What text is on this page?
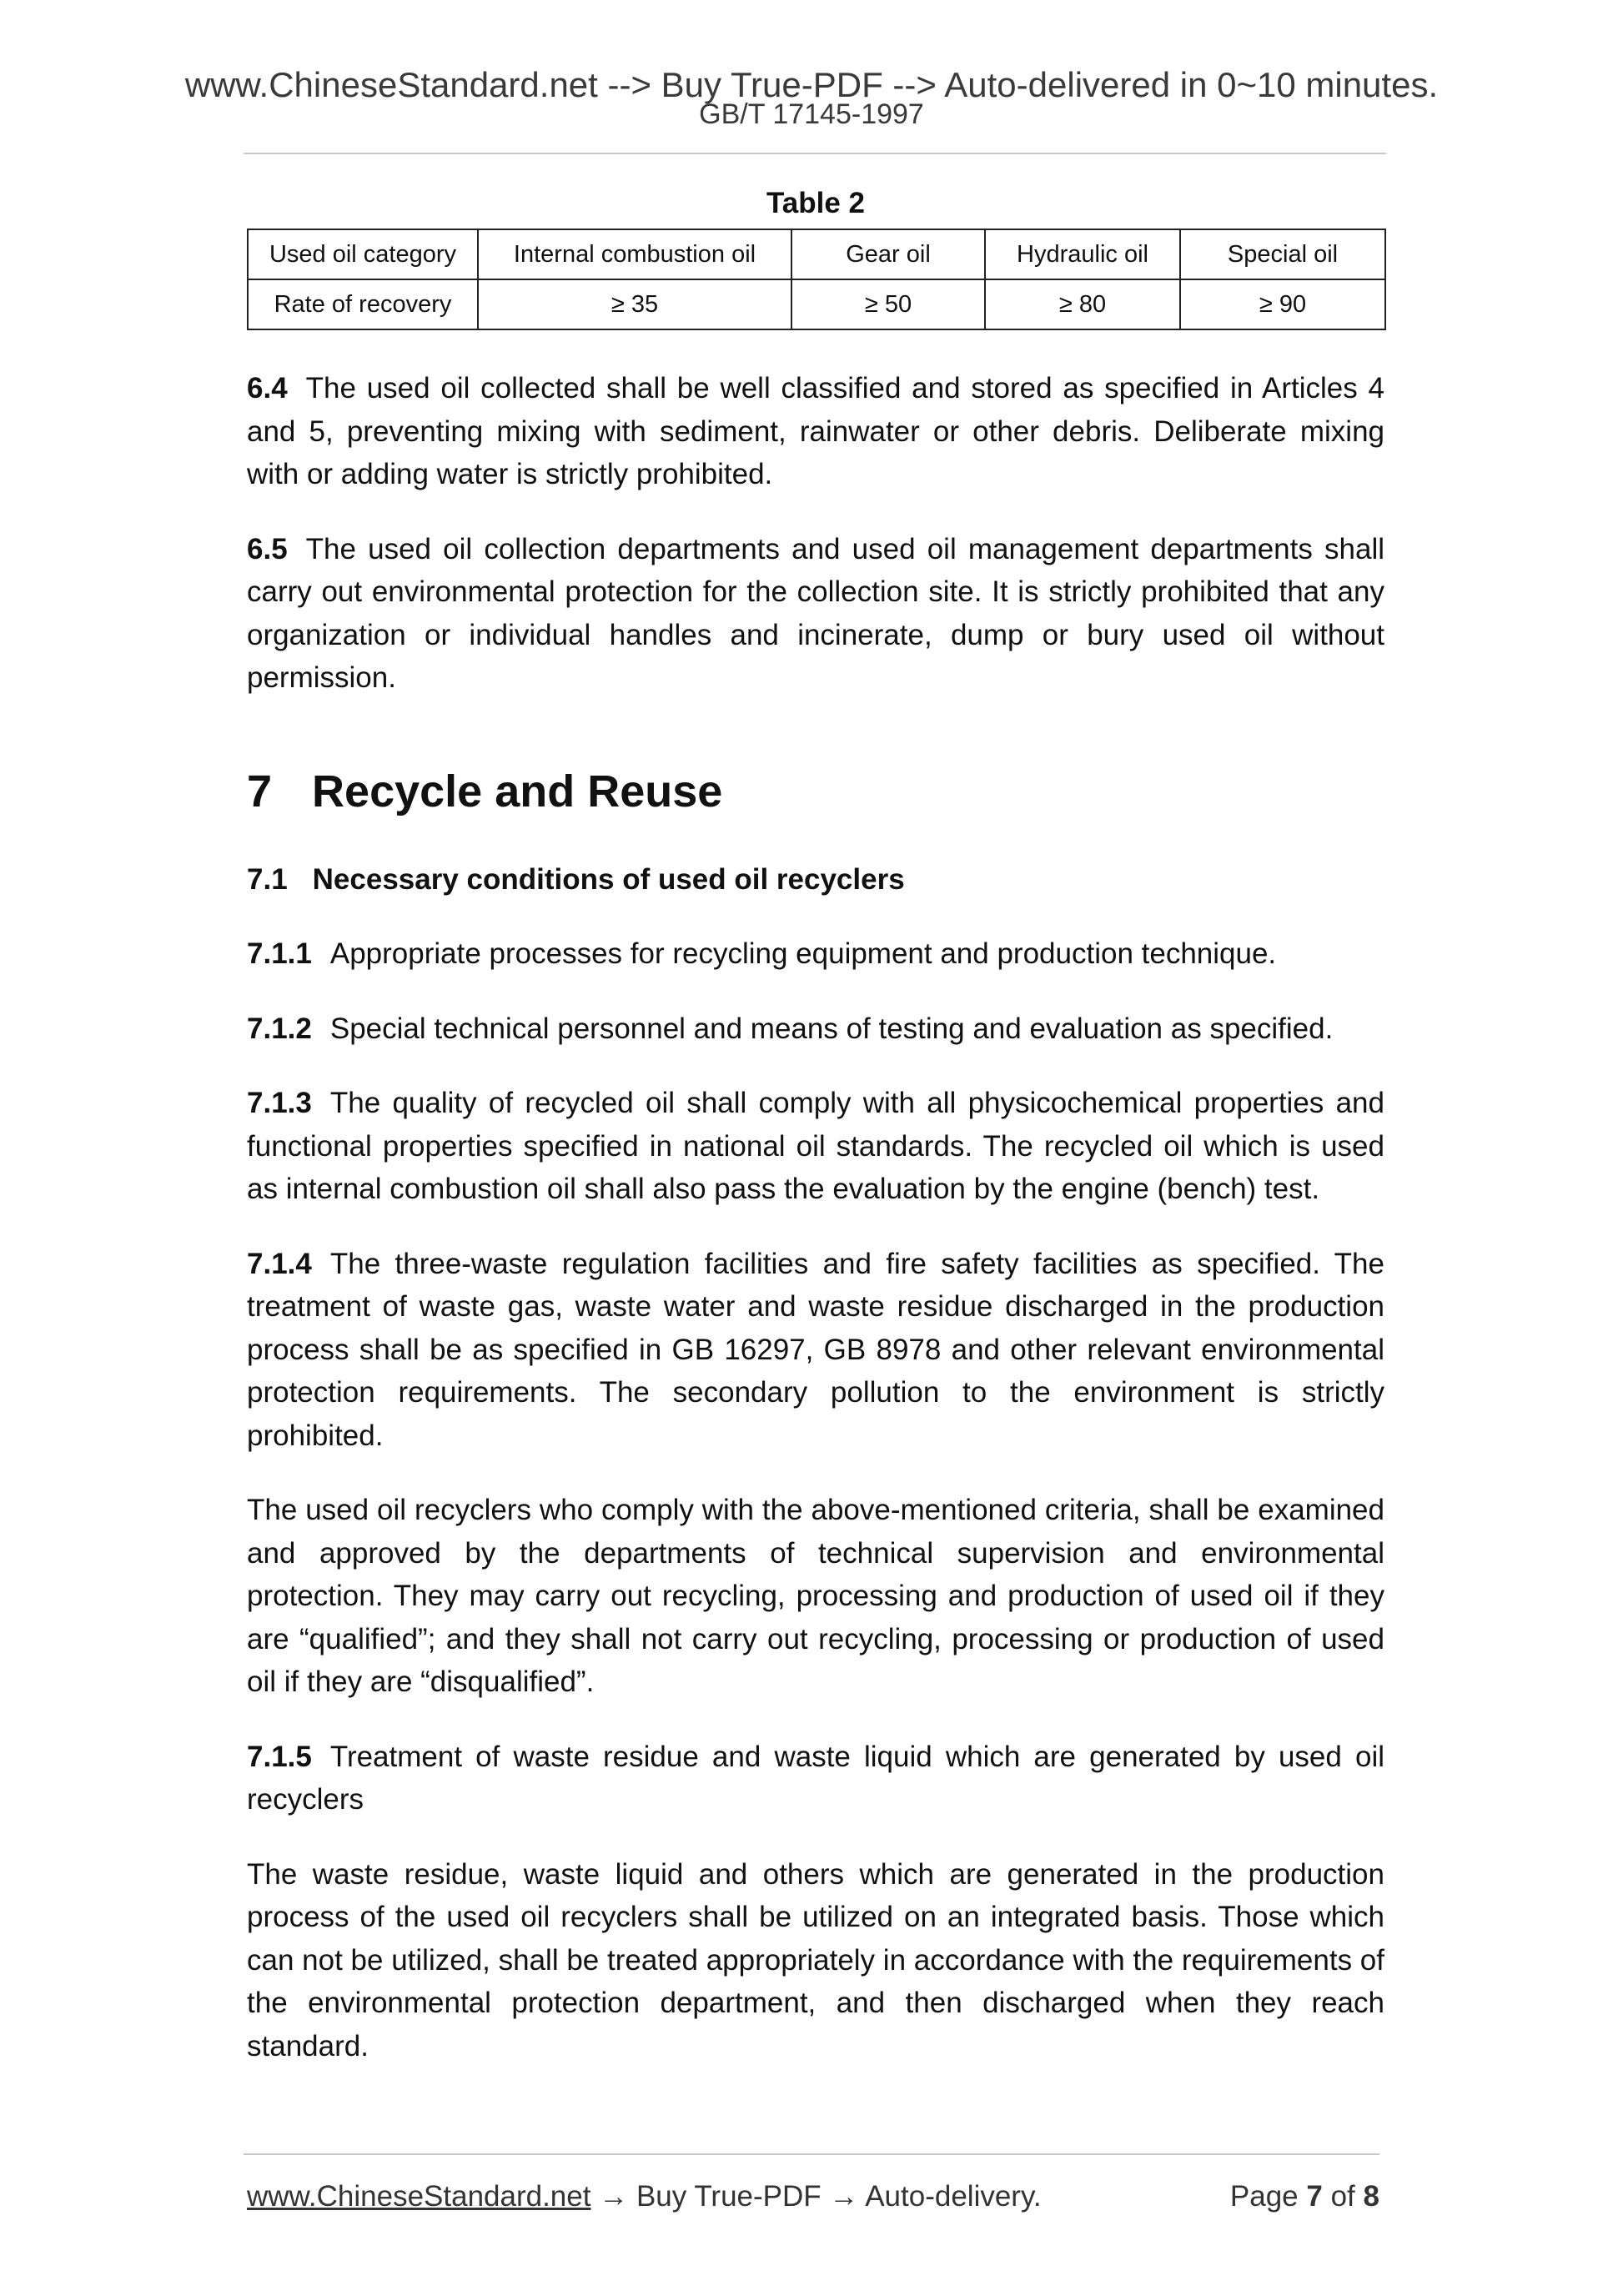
www.ChineseStandard.net --> Buy True-PDF --> Auto-delivered in 0~10 minutes.
GB/T 17145-1997
Table 2
Used oil category	Internal combustion oil	Gear oil	Hydraulic oil	Special oil
Rate of recovery	≥ 35	≥ 50	≥ 80	≥ 90

6.4 The used oil collected shall be well classified and stored as specified in Articles 4 and 5, preventing mixing with sediment, rainwater or other debris. Deliberate mixing with or adding water is strictly prohibited.

6.5 The used oil collection departments and used oil management departments shall carry out environmental protection for the collection site. It is strictly prohibited that any organization or individual handles and incinerate, dump or bury used oil without permission.

7 Recycle and Reuse
7.1 Necessary conditions of used oil recyclers

7.1.1 Appropriate processes for recycling equipment and production technique.

7.1.2 Special technical personnel and means of testing and evaluation as specified.

7.1.3 The quality of recycled oil shall comply with all physicochemical properties and functional properties specified in national oil standards. The recycled oil which is used as internal combustion oil shall also pass the evaluation by the engine (bench) test.

7.1.4 The three-waste regulation facilities and fire safety facilities as specified. The treatment of waste gas, waste water and waste residue discharged in the production process shall be as specified in GB 16297, GB 8978 and other relevant environmental protection requirements. The secondary pollution to the environment is strictly prohibited.

The used oil recyclers who comply with the above-mentioned criteria, shall be examined and approved by the departments of technical supervision and environmental protection. They may carry out recycling, processing and production of used oil if they are “qualified”; and they shall not carry out recycling, processing or production of used oil if they are “disqualified”.

7.1.5 Treatment of waste residue and waste liquid which are generated by used oil recyclers

The waste residue, waste liquid and others which are generated in the production process of the used oil recyclers shall be utilized on an integrated basis. Those which can not be utilized, shall be treated appropriately in accordance with the requirements of the environmental protection department, and then discharged when they reach standard.

www.ChineseStandard.net → Buy True-PDF → Auto-delivery.	Page 7 of 8
